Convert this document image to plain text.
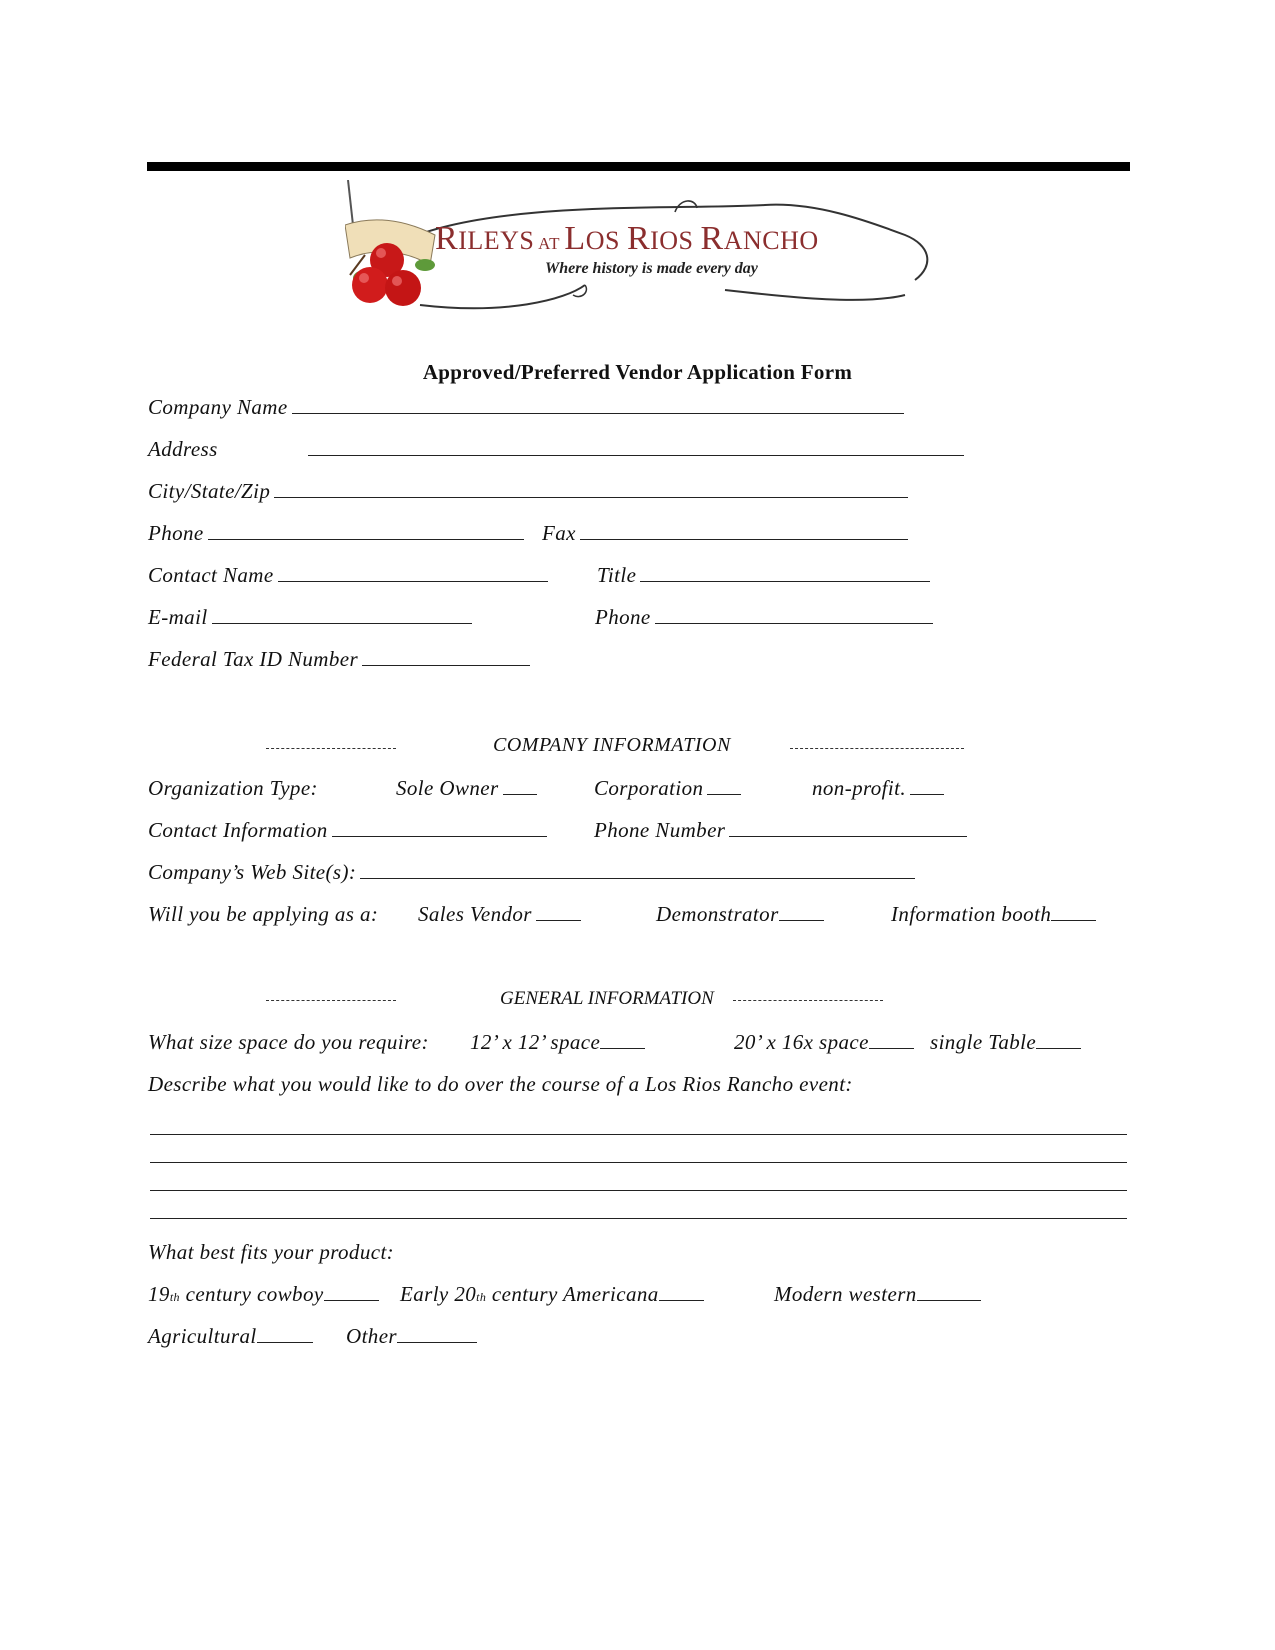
RILEYS AT LOS RIOS RANCHO
Where history is made every day
Approved/Preferred Vendor Application Form
Company Name
Address
City/State/Zip
Phone	Fax
Contact Name	Title
E-mail	Phone
Federal Tax ID Number
COMPANY INFORMATION
Organization Type:	Sole Owner	Corporation	non-profit.
Contact Information	Phone Number
Company’s Web Site(s):
Will you be applying as a: Sales Vendor	Demonstrator	Information booth
GENERAL INFORMATION
What size space do you require: 12’ x 12’ space	20’ x 16x space	single Table
Describe what you would like to do over the course of a Los Rios Rancho event:
What best fits your product:
19th century cowboy	Early 20th century Americana	Modern western
Agricultural	Other
